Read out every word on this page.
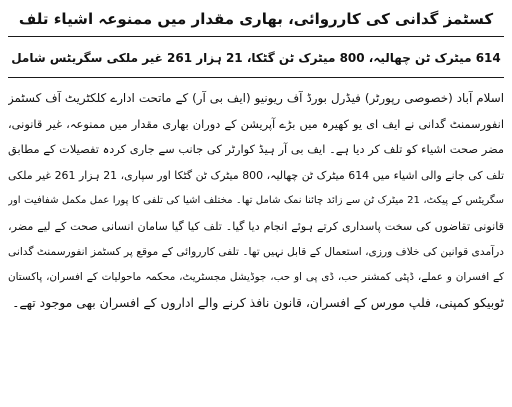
کسٹمز گدانی کی کارروائی، بھاری مقدار میں ممنوعہ اشیاء تلف
614 میٹرک ٹن چھالیہ، 800 میٹرک ٹن گٹکا، 21 ہزار 261 غیر ملکی سگریٹس شامل
اسلام آباد (خصوصی رپورٹر) فیڈرل بورڈ آف ریونیو (ایف بی آر) کے ماتحت ادارے کلکٹریٹ آف کسٹمز
انفورسمنٹ گدانی نے ایف ای یو کھیرہ میں بڑے آپریشن کے دوران بھاری مقدار میں ممنوعہ، غیر قانونی،
مضر صحت اشیاء کو تلف کر دیا ہے۔ ایف بی آر ہیڈ کوارٹر کی جانب سے جاری کردہ تفصیلات کے مطابق
تلف کی جانے والی اشیاء میں 614 میٹرک ٹن چھالیہ، 800 میٹرک ٹن گٹکا اور سپاری، 21 ہزار 261 غیر ملکی
سگریٹس کے پیکٹ، 21 میٹرک ٹن سے زائد چائنا نمک شامل تھا۔ مختلف اشیا کی تلفی کا پورا عمل مکمل شفافیت اور
قانونی تقاضوں کی سخت پاسداری کرتے ہوئے انجام دیا گیا۔ تلف کیا گیا سامان انسانی صحت کے لیے مضر،
درآمدی قوانین کی خلاف ورزی، استعمال کے قابل نہیں تھا۔ تلفی کارروائی کے موقع پر کسٹمز انفورسمنٹ گدانی
کے افسران و عملے، ڈپٹی کمشنر حب، ڈی پی او حب، جوڈیشل مجسٹریٹ، محکمہ ماحولیات کے افسران، پاکستان
ٹوبیکو کمپنی، فلپ مورس کے افسران، قانون نافذ کرنے والے اداروں کے افسران بھی موجود تھے۔
